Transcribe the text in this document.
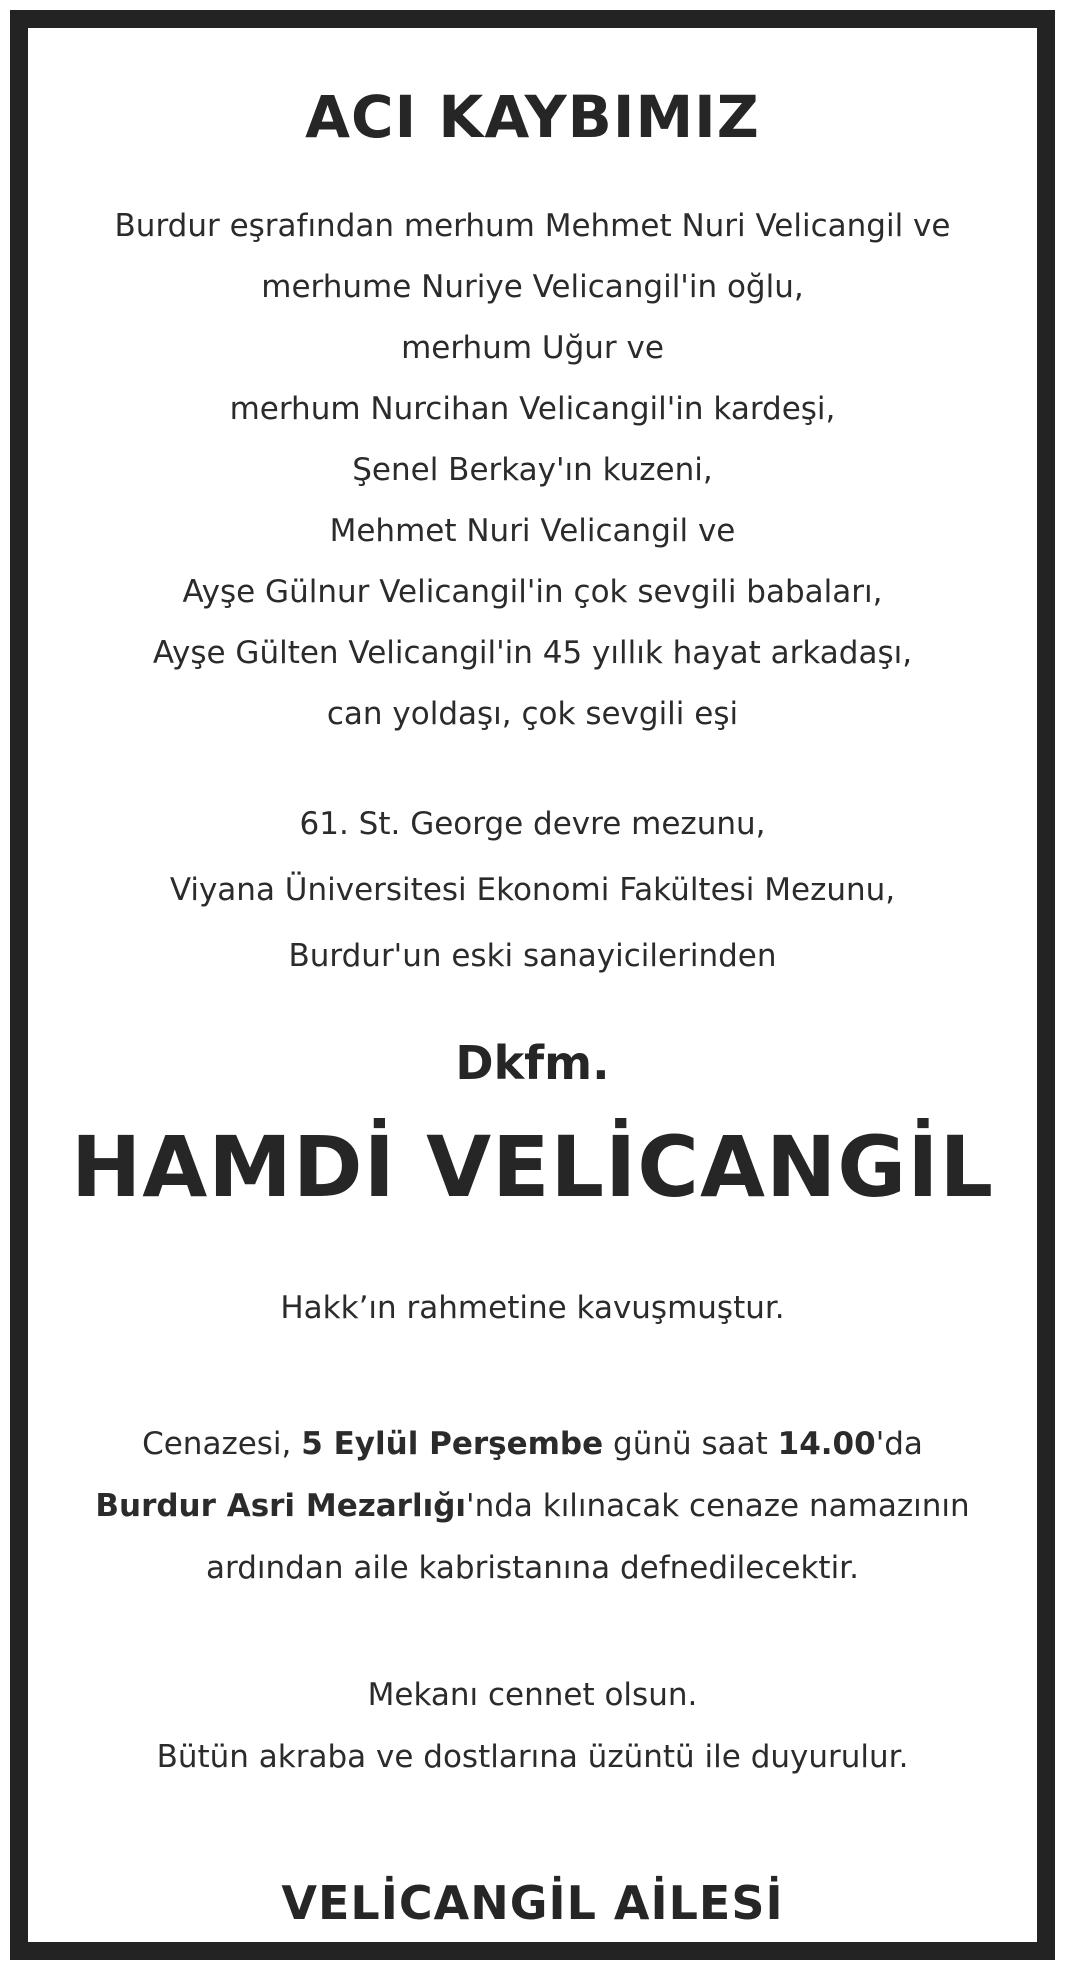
ACI KAYBIMIZ
Burdur eşrafından merhum Mehmet Nuri Velicangil ve
merhume Nuriye Velicangil'in oğlu,
merhum Uğur ve
merhum Nurcihan Velicangil'in kardeşi,
Şenel Berkay'ın kuzeni,
Mehmet Nuri Velicangil ve
Ayşe Gülnur Velicangil'in çok sevgili babaları,
Ayşe Gülten Velicangil'in 45 yıllık hayat arkadaşı,
can yoldaşı, çok sevgili eşi
61. St. George devre mezunu,
Viyana Üniversitesi Ekonomi Fakültesi Mezunu,
Burdur'un eski sanayicilerinden
Dkfm.
HAMDİ VELİCANGİL
Hakk’ın rahmetine kavuşmuştur.
Cenazesi, 5 Eylül Perşembe günü saat 14.00'da
Burdur Asri Mezarlığı'nda kılınacak cenaze namazının
ardından aile kabristanına defnedilecektir.
Mekanı cennet olsun.
Bütün akraba ve dostlarına üzüntü ile duyurulur.
VELİCANGİL AİLESİ
